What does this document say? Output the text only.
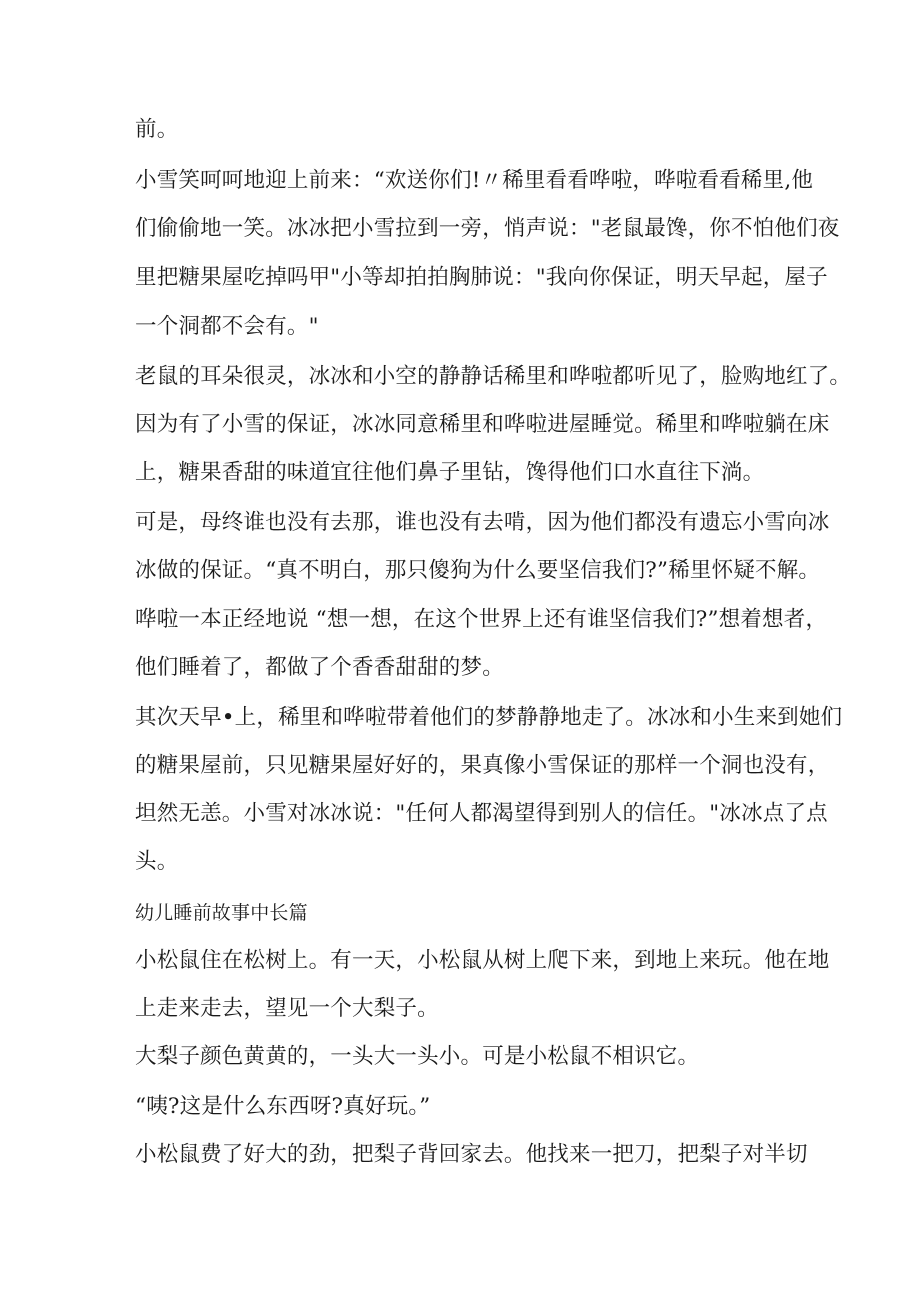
前。
小雪笑呵呵地迎上前来：“欢送你们!〃稀里看看哗啦，哗啦看看稀里,他
们偷偷地一笑。冰冰把小雪拉到一旁，悄声说："老鼠最馋，你不怕他们夜
里把糖果屋吃掉吗甲"小等却拍拍胸肺说："我向你保证，明天早起，屋子
一个洞都不会有。"
老鼠的耳朵很灵，冰冰和小空的静静话稀里和哗啦都听见了，脸购地红了。
因为有了小雪的保证，冰冰同意稀里和哗啦进屋睡觉。稀里和哗啦躺在床
上，糖果香甜的味道宜往他们鼻子里钻，馋得他们口水直往下淌。
可是，母终谁也没有去那，谁也没有去啃，因为他们都没有遗忘小雪向冰
冰做的保证。“真不明白，那只傻狗为什么要坚信我们?”稀里怀疑不解。
哗啦一本正经地说 “想一想，在这个世界上还有谁坚信我们?”想着想者，
他们睡着了，都做了个香香甜甜的梦。
其次天早•上，稀里和哗啦带着他们的梦静静地走了。冰冰和小生来到她们
的糖果屋前，只见糖果屋好好的，果真像小雪保证的那样一个洞也没有，
坦然无恙。小雪对冰冰说："任何人都渴望得到别人的信任。"冰冰点了点
头。
幼儿睡前故事中长篇
小松鼠住在松树上。有一天，小松鼠从树上爬下来，到地上来玩。他在地
上走来走去，望见一个大梨子。
大梨子颜色黄黄的，一头大一头小。可是小松鼠不相识它。
“咦?这是什么东西呀?真好玩。”
小松鼠费了好大的劲，把梨子背回家去。他找来一把刀，把梨子对半切
